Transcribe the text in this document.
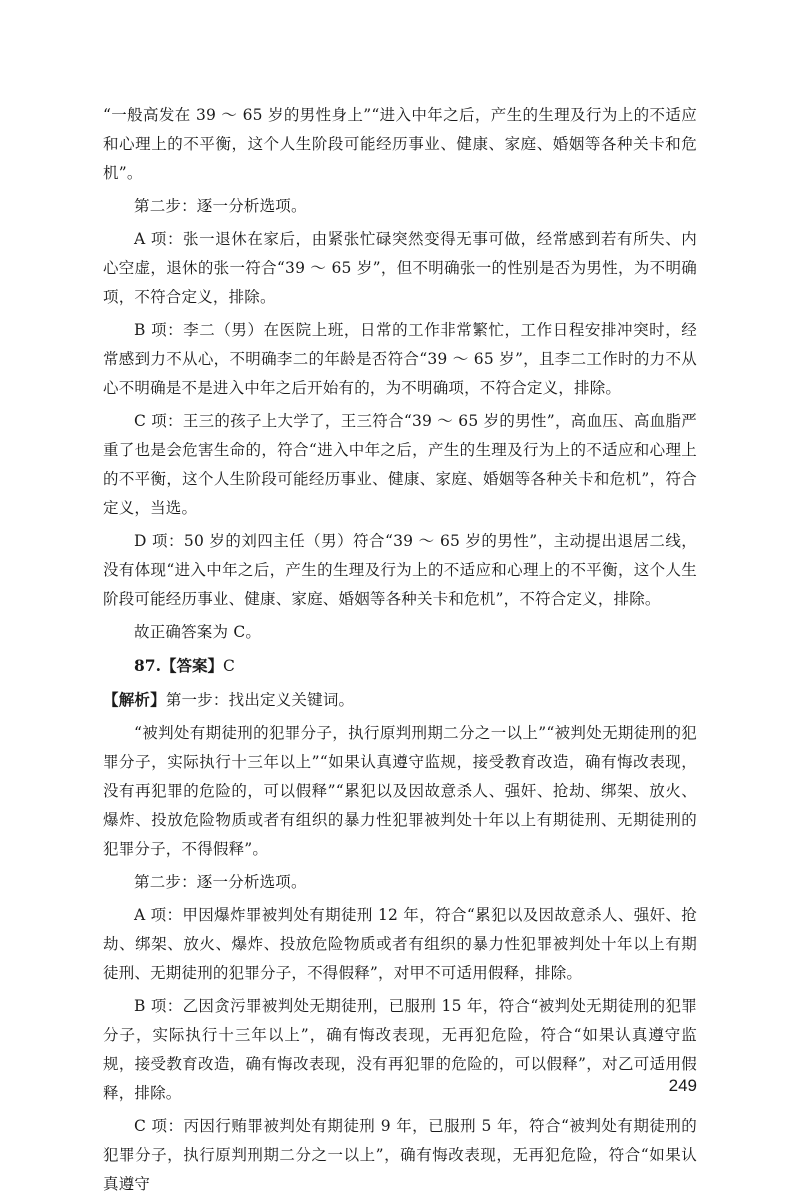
“一般高发在 39 ～ 65 岁的男性身上”“进入中年之后，产生的生理及行为上的不适应和心理上的不平衡，这个人生阶段可能经历事业、健康、家庭、婚姻等各种关卡和危机”。

第二步：逐一分析选项。

A 项：张一退休在家后，由紧张忙碌突然变得无事可做，经常感到若有所失、内心空虚，退休的张一符合“39 ～ 65 岁”，但不明确张一的性别是否为男性，为不明确项，不符合定义，排除。

B 项：李二（男）在医院上班，日常的工作非常繁忙，工作日程安排冲突时，经常感到力不从心，不明确李二的年龄是否符合“39 ～ 65 岁”，且李二工作时的力不从心不明确是不是进入中年之后开始有的，为不明确项，不符合定义，排除。

C 项：王三的孩子上大学了，王三符合“39 ～ 65 岁的男性”，高血压、高血脂严重了也是会危害生命的，符合“进入中年之后，产生的生理及行为上的不适应和心理上的不平衡，这个人生阶段可能经历事业、健康、家庭、婚姻等各种关卡和危机”，符合定义，当选。

D 项：50 岁的刘四主任（男）符合“39 ～ 65 岁的男性”，主动提出退居二线，没有体现“进入中年之后，产生的生理及行为上的不适应和心理上的不平衡，这个人生阶段可能经历事业、健康、家庭、婚姻等各种关卡和危机”，不符合定义，排除。

故正确答案为 C。

87.【答案】C

【解析】第一步：找出定义关键词。

“被判处有期徒刑的犯罪分子，执行原判刑期二分之一以上”“被判处无期徒刑的犯罪分子，实际执行十三年以上”“如果认真遵守监规，接受教育改造，确有悔改表现，没有再犯罪的危险的，可以假释”“累犯以及因故意杀人、强奸、抢劫、绑架、放火、爆炸、投放危险物质或者有组织的暴力性犯罪被判处十年以上有期徒刑、无期徒刑的犯罪分子，不得假释”。

第二步：逐一分析选项。

A 项：甲因爆炸罪被判处有期徒刑 12 年，符合“累犯以及因故意杀人、强奸、抢劫、绑架、放火、爆炸、投放危险物质或者有组织的暴力性犯罪被判处十年以上有期徒刑、无期徒刑的犯罪分子，不得假释”，对甲不可适用假释，排除。

B 项：乙因贪污罪被判处无期徒刑，已服刑 15 年，符合“被判处无期徒刑的犯罪分子，实际执行十三年以上”，确有悔改表现，无再犯危险，符合“如果认真遵守监规，接受教育改造，确有悔改表现，没有再犯罪的危险的，可以假释”，对乙可适用假释，排除。

C 项：丙因行贿罪被判处有期徒刑 9 年，已服刑 5 年，符合“被判处有期徒刑的犯罪分子，执行原判刑期二分之一以上”，确有悔改表现，无再犯危险，符合“如果认真遵守

249
